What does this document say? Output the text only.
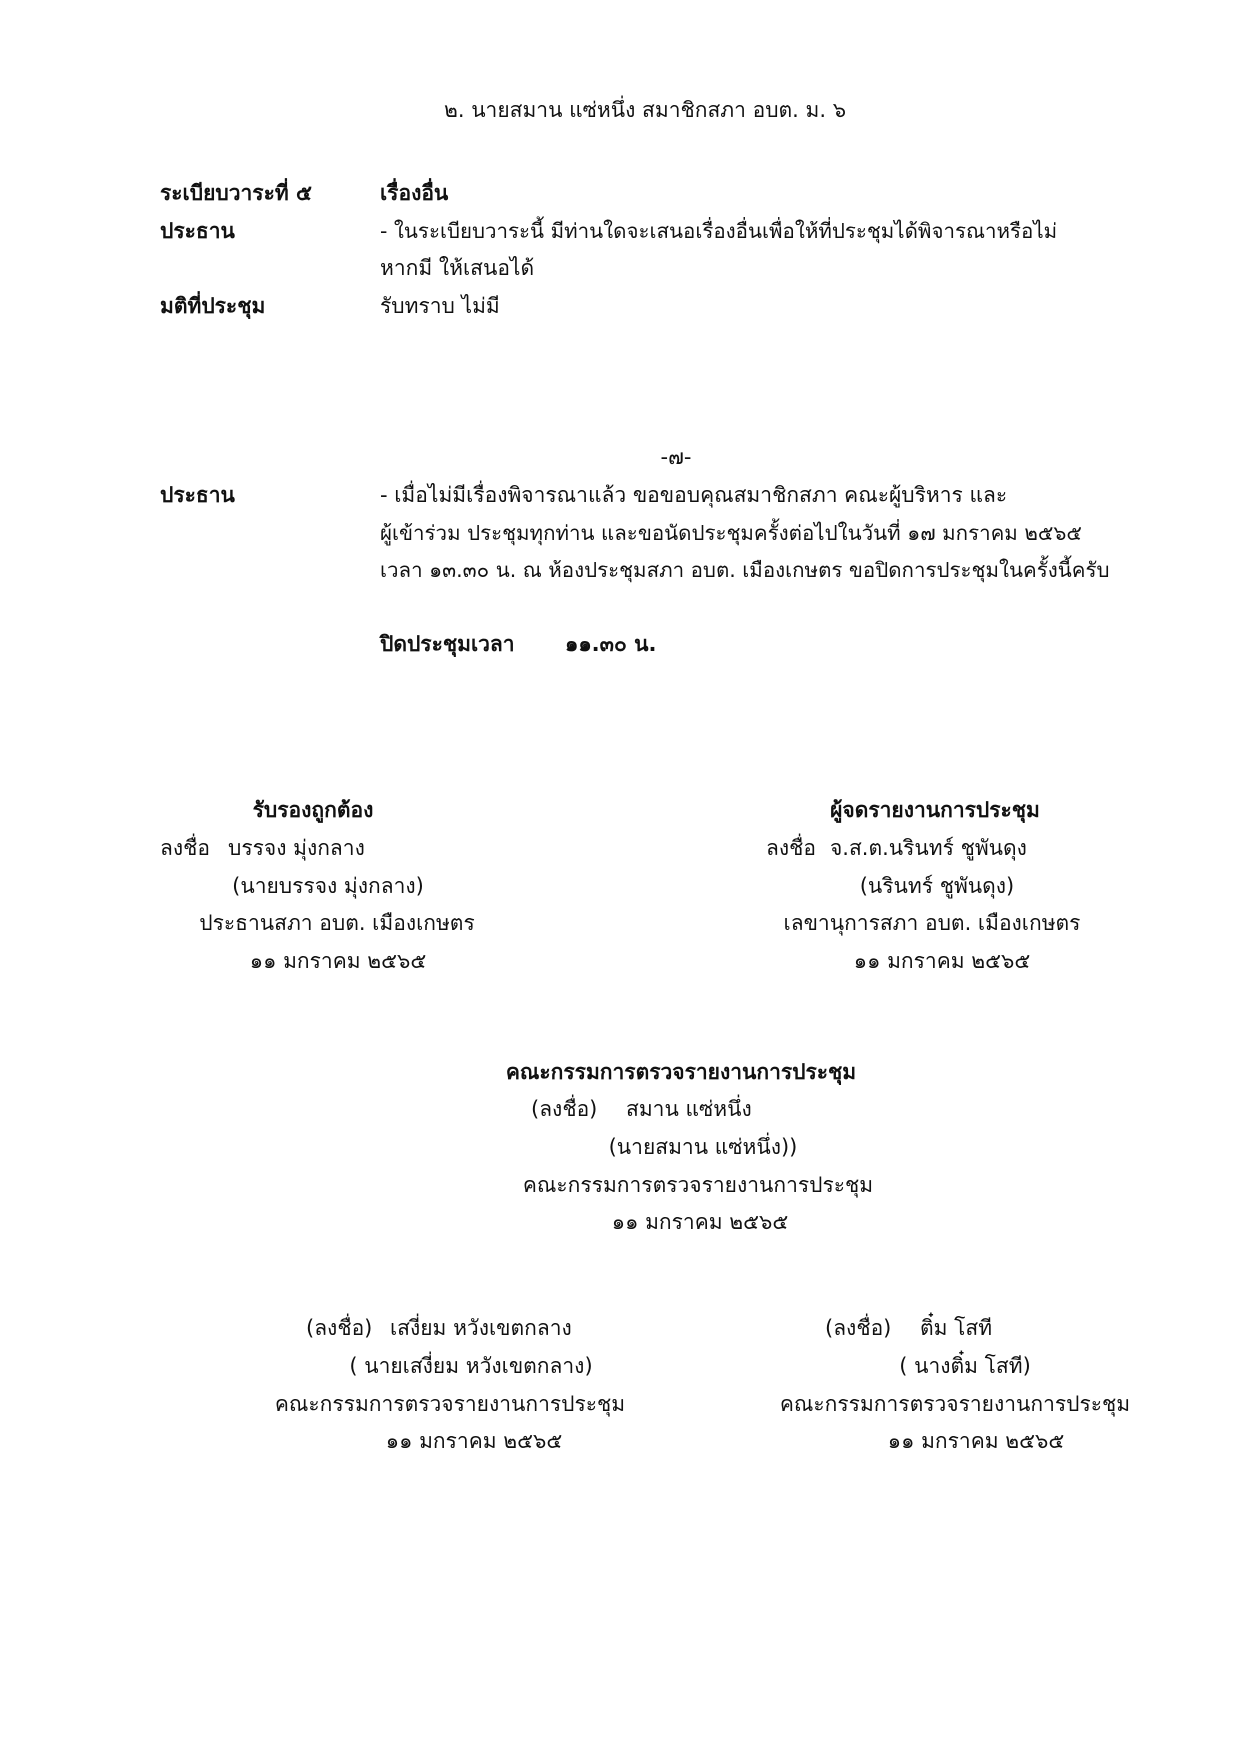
๒. นายสมาน แซ่หนึ่ง สมาชิกสภา อบต. ม. ๖
ระเบียบวาระที่ ๕	เรื่องอื่น
ประธาน	- ในระเบียบวาระนี้ มีท่านใดจะเสนอเรื่องอื่นเพื่อให้ที่ประชุมได้พิจารณาหรือไม่
หากมี ให้เสนอได้
มติที่ประชุม	รับทราบ ไม่มี
-๗-
ประธาน	- เมื่อไม่มีเรื่องพิจารณาแล้ว ขอขอบคุณสมาชิกสภา คณะผู้บริหาร และ
ผู้เข้าร่วม ประชุมทุกท่าน และขอนัดประชุมครั้งต่อไปในวันที่ ๑๗ มกราคม ๒๕๖๕
เวลา ๑๓.๓๐ น. ณ ห้องประชุมสภา อบต. เมืองเกษตร ขอปิดการประชุมในครั้งนี้ครับ
ปิดประชุมเวลา ๑๑.๓๐ น.
รับรองถูกต้อง
ลงชื่อ บรรจง มุ่งกลาง
(นายบรรจง มุ่งกลาง)
ประธานสภา อบต. เมืองเกษตร
๑๑ มกราคม ๒๕๖๕
ผู้จดรายงานการประชุม
ลงชื่อ จ.ส.ต.นรินทร์ ชูพันดุง
(นรินทร์ ชูพันดุง)
เลขานุการสภา อบต. เมืองเกษตร
๑๑ มกราคม ๒๕๖๕
คณะกรรมการตรวจรายงานการประชุม
(ลงชื่อ) สมาน แซ่หนึ่ง
(นายสมาน แซ่หนึ่ง))
คณะกรรมการตรวจรายงานการประชุม
๑๑ มกราคม ๒๕๖๕
(ลงชื่อ) เสงี่ยม หวังเขตกลาง
( นายเสงี่ยม หวังเขตกลาง)
คณะกรรมการตรวจรายงานการประชุม
๑๑ มกราคม ๒๕๖๕
(ลงชื่อ) ติ๋ม โสที
( นางติ๋ม โสที)
คณะกรรมการตรวจรายงานการประชุม
๑๑ มกราคม ๒๕๖๕
